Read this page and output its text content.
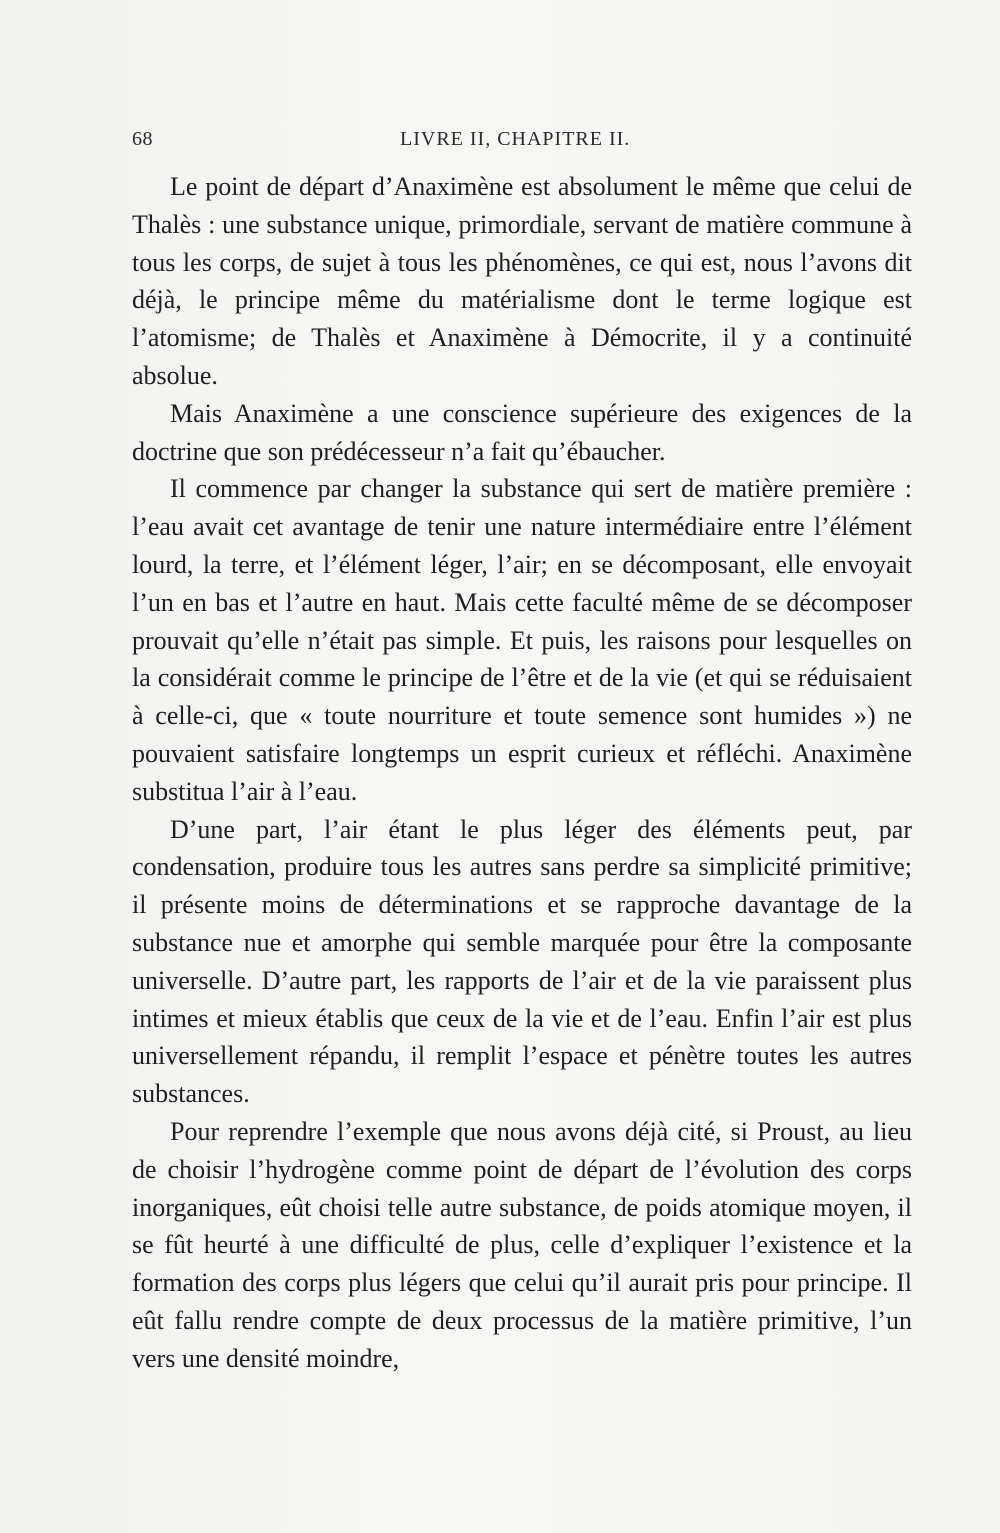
68	LIVRE II, CHAPITRE II.

Le point de départ d’Anaximène est absolument le même que celui de Thalès : une substance unique, primordiale, servant de matière commune à tous les corps, de sujet à tous les phénomènes, ce qui est, nous l’avons dit déjà, le principe même du matérialisme dont le terme logique est l’atomisme; de Thalès et Anaximène à Démocrite, il y a continuité absolue.

Mais Anaximène a une conscience supérieure des exigences de la doctrine que son prédécesseur n’a fait qu’ébaucher.

Il commence par changer la substance qui sert de matière première : l’eau avait cet avantage de tenir une nature intermédiaire entre l’élément lourd, la terre, et l’élément léger, l’air; en se décomposant, elle envoyait l’un en bas et l’autre en haut. Mais cette faculté même de se décomposer prouvait qu’elle n’était pas simple. Et puis, les raisons pour lesquelles on la considérait comme le principe de l’être et de la vie (et qui se réduisaient à celle-ci, que « toute nourriture et toute semence sont humides ») ne pouvaient satisfaire longtemps un esprit curieux et réfléchi. Anaximène substitua l’air à l’eau.

D’une part, l’air étant le plus léger des éléments peut, par condensation, produire tous les autres sans perdre sa simplicité primitive; il présente moins de déterminations et se rapproche davantage de la substance nue et amorphe qui semble marquée pour être la composante universelle. D’autre part, les rapports de l’air et de la vie paraissent plus intimes et mieux établis que ceux de la vie et de l’eau. Enfin l’air est plus universellement répandu, il remplit l’espace et pénètre toutes les autres substances.

Pour reprendre l’exemple que nous avons déjà cité, si Proust, au lieu de choisir l’hydrogène comme point de départ de l’évolution des corps inorganiques, eût choisi telle autre substance, de poids atomique moyen, il se fût heurté à une difficulté de plus, celle d’expliquer l’existence et la formation des corps plus légers que celui qu’il aurait pris pour principe. Il eût fallu rendre compte de deux processus de la matière primitive, l’un vers une densité moindre,
